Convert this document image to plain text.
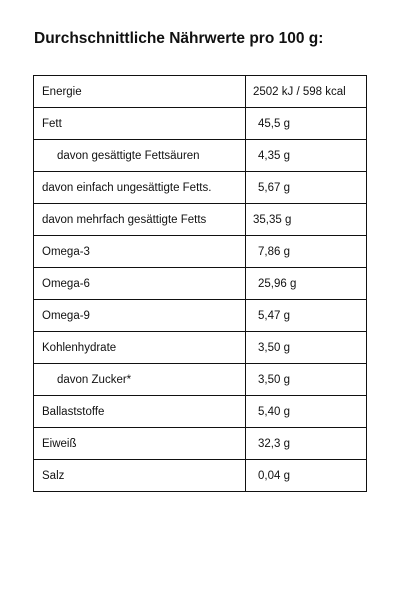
Durchschnittliche Nährwerte pro 100 g:
Energie	2502 kJ / 598 kcal
Fett	45,5 g
davon gesättigte Fettsäuren	4,35 g
davon einfach ungesättigte Fetts.	5,67 g
davon mehrfach gesättigte Fetts	35,35 g
Omega-3	7,86 g
Omega-6	25,96 g
Omega-9	5,47 g
Kohlenhydrate	3,50 g
davon Zucker*	3,50 g
Ballaststoffe	5,40 g
Eiweiß	32,3 g
Salz	0,04 g
